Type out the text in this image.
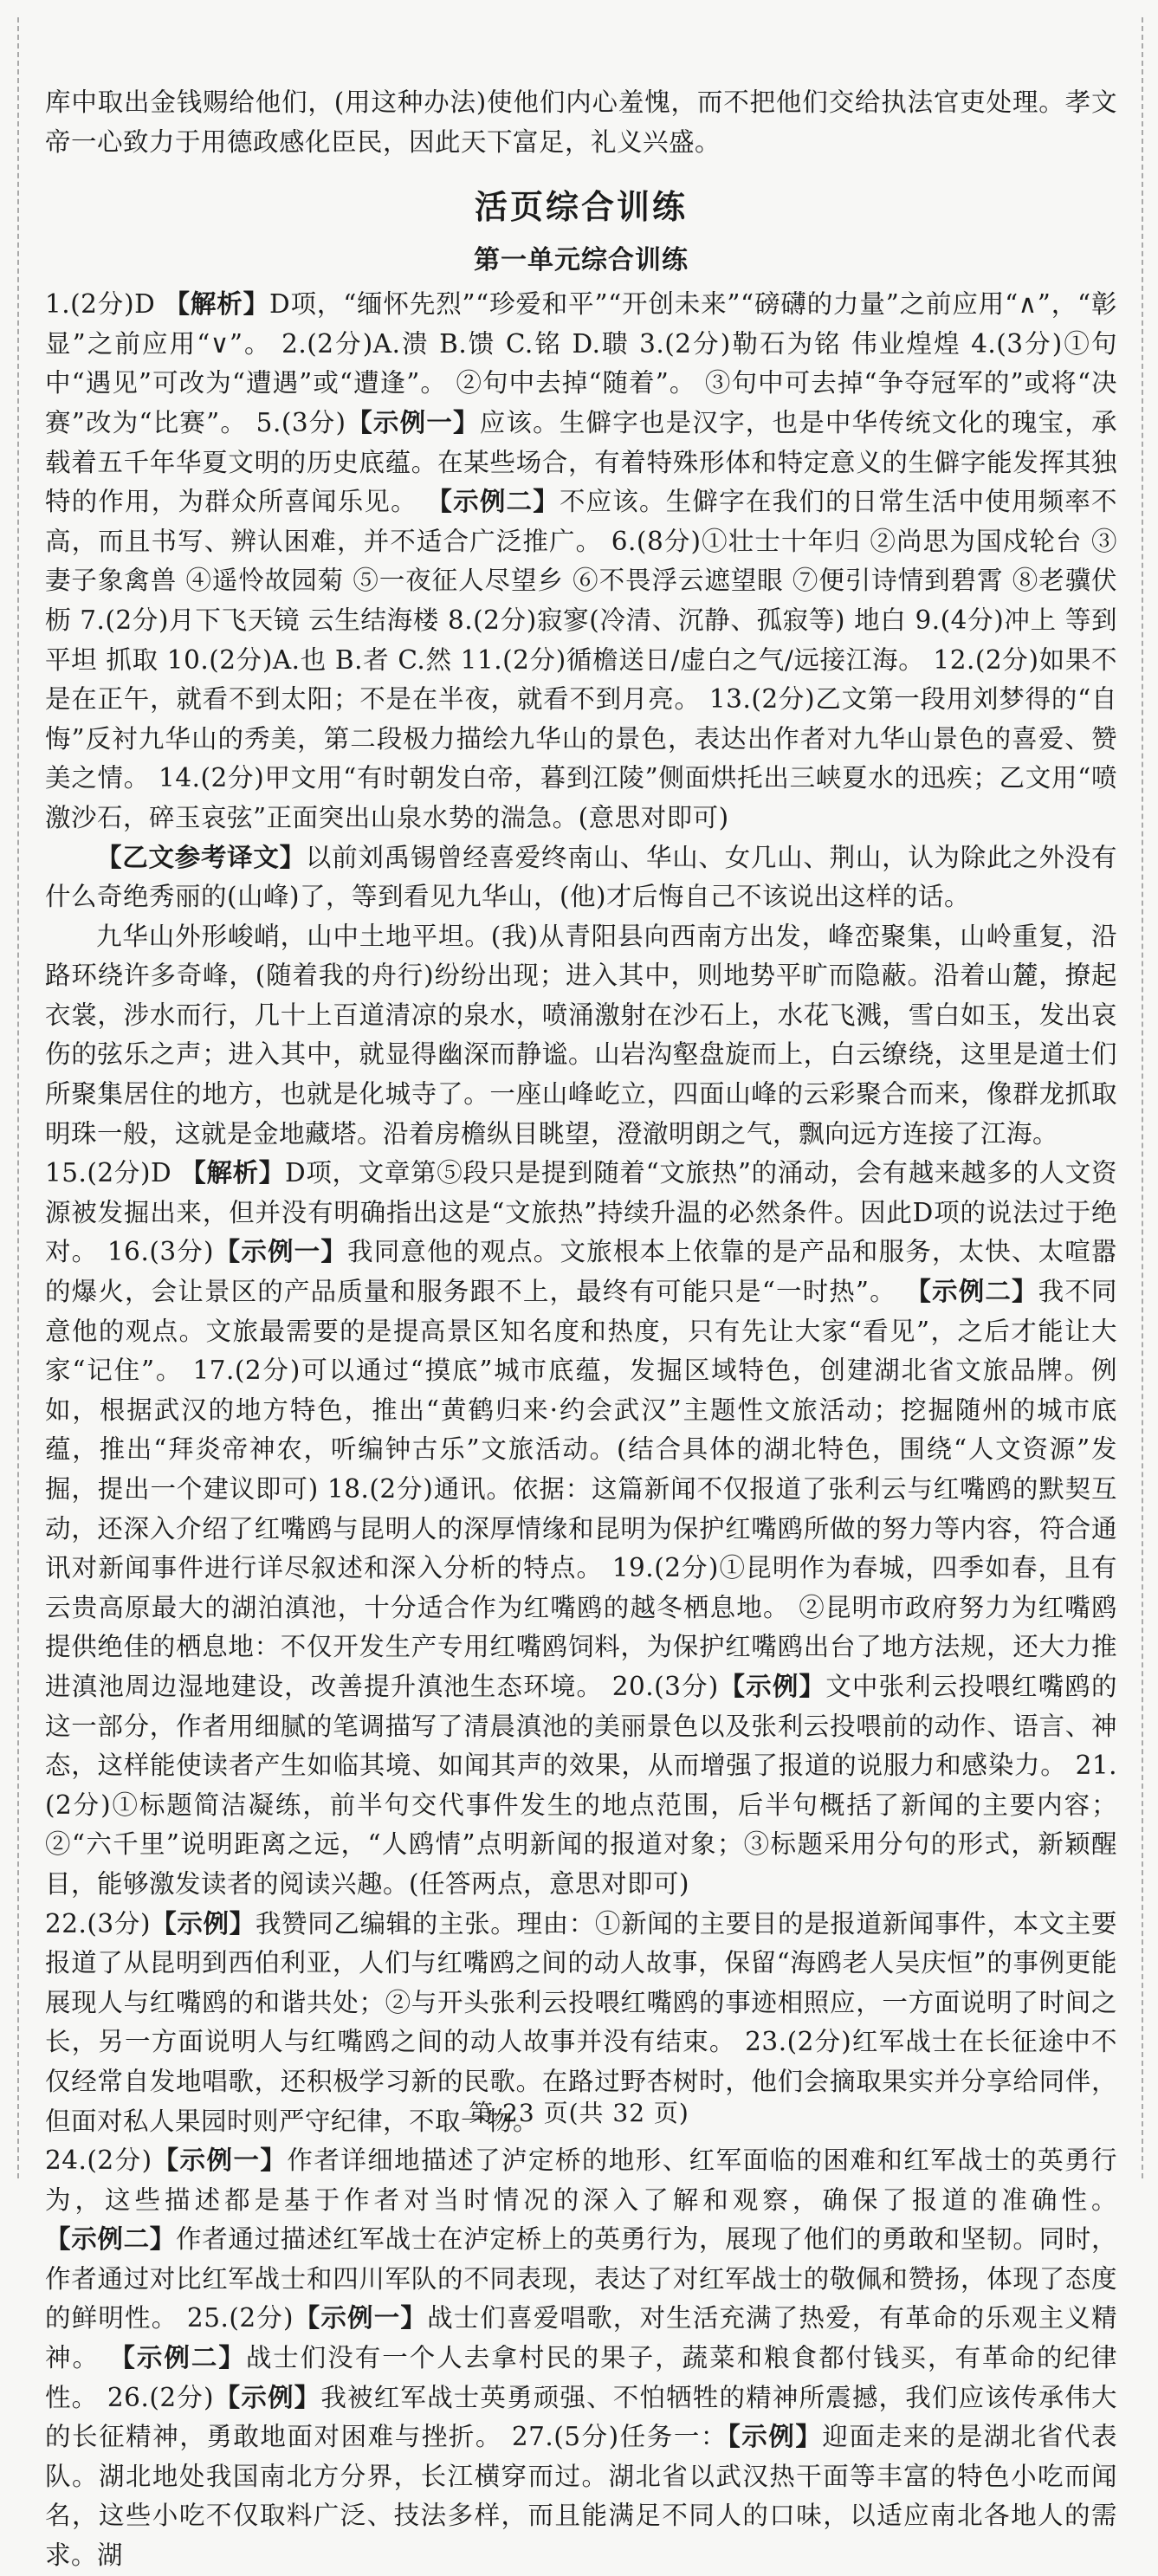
库中取出金钱赐给他们，(用这种办法)使他们内心羞愧，而不把他们交给执法官吏处理。孝文帝一心致力于用德政感化臣民，因此天下富足，礼义兴盛。

活页综合训练
第一单元综合训练

1.(2分)D 【解析】D项，“缅怀先烈”“珍爱和平”“开创未来”“磅礴的力量”之前应用“∧”，“彰显”之前应用“∨”。 2.(2分)A.溃 B.馈 C.铭 D.聩 3.(2分)勒石为铭 伟业煌煌 4.(3分)①句中“遇见”可改为“遭遇”或“遭逢”。 ②句中去掉“随着”。 ③句中可去掉“争夺冠军的”或将“决赛”改为“比赛”。 5.(3分)【示例一】应该。生僻字也是汉字，也是中华传统文化的瑰宝，承载着五千年华夏文明的历史底蕴。在某些场合，有着特殊形体和特定意义的生僻字能发挥其独特的作用，为群众所喜闻乐见。 【示例二】不应该。生僻字在我们的日常生活中使用频率不高，而且书写、辨认困难，并不适合广泛推广。 6.(8分)①壮士十年归 ②尚思为国戍轮台 ③妻子象禽兽 ④遥怜故园菊 ⑤一夜征人尽望乡 ⑥不畏浮云遮望眼 ⑦便引诗情到碧霄 ⑧老骥伏枥 7.(2分)月下飞天镜 云生结海楼 8.(2分)寂寥(冷清、沉静、孤寂等) 地白 9.(4分)冲上 等到 平坦 抓取 10.(2分)A.也 B.者 C.然 11.(2分)循檐送日/虚白之气/远接江海。 12.(2分)如果不是在正午，就看不到太阳；不是在半夜，就看不到月亮。 13.(2分)乙文第一段用刘梦得的“自悔”反衬九华山的秀美，第二段极力描绘九华山的景色，表达出作者对九华山景色的喜爱、赞美之情。 14.(2分)甲文用“有时朝发白帝，暮到江陵”侧面烘托出三峡夏水的迅疾；乙文用“喷激沙石，碎玉哀弦”正面突出山泉水势的湍急。(意思对即可)

【乙文参考译文】以前刘禹锡曾经喜爱终南山、华山、女几山、荆山，认为除此之外没有什么奇绝秀丽的(山峰)了，等到看见九华山，(他)才后悔自己不该说出这样的话。

九华山外形峻峭，山中土地平坦。(我)从青阳县向西南方出发，峰峦聚集，山岭重复，沿路环绕许多奇峰，(随着我的舟行)纷纷出现；进入其中，则地势平旷而隐蔽。沿着山麓，撩起衣裳，涉水而行，几十上百道清凉的泉水，喷涌激射在沙石上，水花飞溅，雪白如玉，发出哀伤的弦乐之声；进入其中，就显得幽深而静谧。山岩沟壑盘旋而上，白云缭绕，这里是道士们所聚集居住的地方，也就是化城寺了。一座山峰屹立，四面山峰的云彩聚合而来，像群龙抓取明珠一般，这就是金地藏塔。沿着房檐纵目眺望，澄澈明朗之气，飘向远方连接了江海。

15.(2分)D 【解析】D项，文章第⑤段只是提到随着“文旅热”的涌动，会有越来越多的人文资源被发掘出来，但并没有明确指出这是“文旅热”持续升温的必然条件。因此D项的说法过于绝对。 16.(3分)【示例一】我同意他的观点。文旅根本上依靠的是产品和服务，太快、太喧嚣的爆火，会让景区的产品质量和服务跟不上，最终有可能只是“一时热”。 【示例二】我不同意他的观点。文旅最需要的是提高景区知名度和热度，只有先让大家“看见”，之后才能让大家“记住”。 17.(2分)可以通过“摸底”城市底蕴，发掘区域特色，创建湖北省文旅品牌。例如，根据武汉的地方特色，推出“黄鹤归来·约会武汉”主题性文旅活动；挖掘随州的城市底蕴，推出“拜炎帝神农，听编钟古乐”文旅活动。(结合具体的湖北特色，围绕“人文资源”发掘，提出一个建议即可) 18.(2分)通讯。依据：这篇新闻不仅报道了张利云与红嘴鸥的默契互动，还深入介绍了红嘴鸥与昆明人的深厚情缘和昆明为保护红嘴鸥所做的努力等内容，符合通讯对新闻事件进行详尽叙述和深入分析的特点。 19.(2分)①昆明作为春城，四季如春，且有云贵高原最大的湖泊滇池，十分适合作为红嘴鸥的越冬栖息地。 ②昆明市政府努力为红嘴鸥提供绝佳的栖息地：不仅开发生产专用红嘴鸥饲料，为保护红嘴鸥出台了地方法规，还大力推进滇池周边湿地建设，改善提升滇池生态环境。 20.(3分)【示例】文中张利云投喂红嘴鸥的这一部分，作者用细腻的笔调描写了清晨滇池的美丽景色以及张利云投喂前的动作、语言、神态，这样能使读者产生如临其境、如闻其声的效果，从而增强了报道的说服力和感染力。 21.(2分)①标题简洁凝练，前半句交代事件发生的地点范围，后半句概括了新闻的主要内容；②“六千里”说明距离之远，“人鸥情”点明新闻的报道对象；③标题采用分句的形式，新颖醒目，能够激发读者的阅读兴趣。(任答两点，意思对即可)

22.(3分)【示例】我赞同乙编辑的主张。理由：①新闻的主要目的是报道新闻事件，本文主要报道了从昆明到西伯利亚，人们与红嘴鸥之间的动人故事，保留“海鸥老人吴庆恒”的事例更能展现人与红嘴鸥的和谐共处；②与开头张利云投喂红嘴鸥的事迹相照应，一方面说明了时间之长，另一方面说明人与红嘴鸥之间的动人故事并没有结束。 23.(2分)红军战士在长征途中不仅经常自发地唱歌，还积极学习新的民歌。在路过野杏树时，他们会摘取果实并分享给同伴，但面对私人果园时则严守纪律，不取一物。

24.(2分)【示例一】作者详细地描述了泸定桥的地形、红军面临的困难和红军战士的英勇行为，这些描述都是基于作者对当时情况的深入了解和观察，确保了报道的准确性。 【示例二】作者通过描述红军战士在泸定桥上的英勇行为，展现了他们的勇敢和坚韧。同时，作者通过对比红军战士和四川军队的不同表现，表达了对红军战士的敬佩和赞扬，体现了态度的鲜明性。 25.(2分)【示例一】战士们喜爱唱歌，对生活充满了热爱，有革命的乐观主义精神。 【示例二】战士们没有一个人去拿村民的果子，蔬菜和粮食都付钱买，有革命的纪律性。 26.(2分)【示例】我被红军战士英勇顽强、不怕牺牲的精神所震撼，我们应该传承伟大的长征精神，勇敢地面对困难与挫折。 27.(5分)任务一：【示例】迎面走来的是湖北省代表队。湖北地处我国南北方分界，长江横穿而过。湖北省以武汉热干面等丰富的特色小吃而闻名，这些小吃不仅取料广泛、技法多样，而且能满足不同人的口味，以适应南北各地人的需求。湖

第 23 页(共 32 页)
